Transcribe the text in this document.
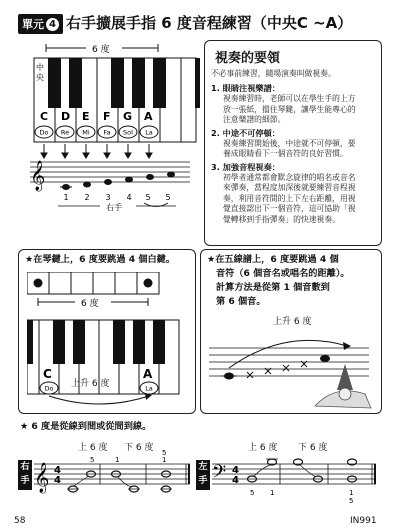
單元 4 右手擴展手指 6 度音程練習（中央C ~A）
6 度
中
央
C D E F G A
Do Re Mi Fa Sol La
𝄞
1 2 3 4 5 5
右手
視奏的要領
不必事前練習，隨場演奏叫做視奏。
1. 眼睛注視樂譜：
視奏練習時，老師可以在學生手的上方
放一張紙，擋住琴鍵，讓學生能專心的
注意樂譜的細節。
2. 中途不可停頓：
視奏練習開始後，中途就不可停頓，要
養成眼睛看下一個音符的良好習慣。
3. 加強音程視奏：
初學者通常都會默念旋律的唱名或音名
來彈奏，當程度加深後就要練習音程視
奏，利用音符間的上下左右距離，用視
覺直接認出下一個音符，這可協助「視
覺轉移到手指彈奏」的快速視奏。
★在琴鍵上，6 度要跳過 4 個白鍵。
6 度
C	A
Do	La
上升 6 度
★在五線譜上，6 度要跳過 4 個
音符（6 個音名或唱名的距離）。
計算方法是從第 1 個音數到
第 6 個音。
上升 6 度
★ 6 度是從線到間或從間到線。
上 6 度 下 6 度	上 6 度 下 6 度
右
手
左
手
𝄞 4
4
5
1
5	1
𝄢 4
4
5 1	1
5
58	IN991
